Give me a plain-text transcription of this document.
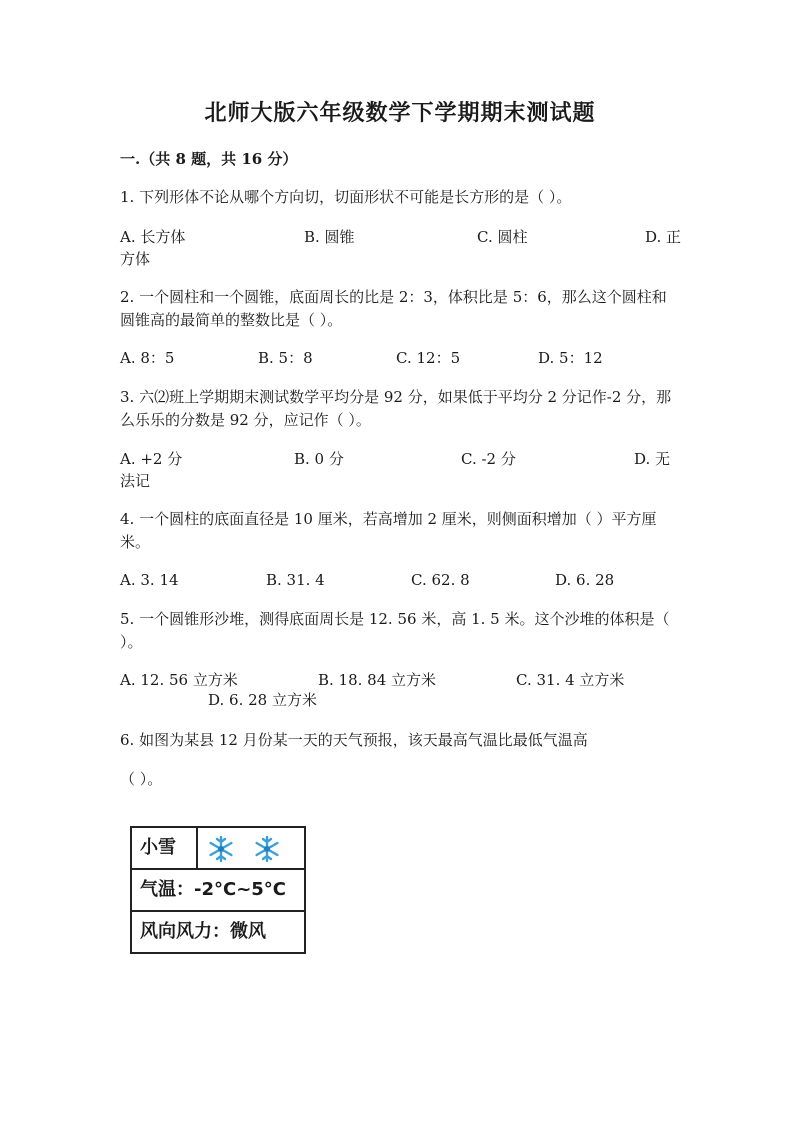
北师大版六年级数学下学期期末测试题
一.（共 8 题，共 16 分）
1. 下列形体不论从哪个方向切，切面形状不可能是长方形的是（ ）。
A. 长方体	B. 圆锥	C. 圆柱	D. 正
方体
2. 一个圆柱和一个圆锥，底面周长的比是 2：3，体积比是 5：6，那么这个圆柱和圆锥高的最简单的整数比是（ ）。
A. 8：5	B. 5：8	C. 12：5	D. 5：12
3. 六⑵班上学期期末测试数学平均分是 92 分，如果低于平均分 2 分记作-2 分，那么乐乐的分数是 92 分，应记作（ ）。
A. +2 分	B. 0 分	C. -2 分	D. 无
法记
4. 一个圆柱的底面直径是 10 厘米，若高增加 2 厘米，则侧面积增加（ ）平方厘米。
A. 3. 14	B. 31. 4	C. 62. 8	D. 6. 28
5. 一个圆锥形沙堆，测得底面周长是 12. 56 米，高 1. 5 米。这个沙堆的体积是（ ）。
A. 12. 56 立方米	B. 18. 84 立方米	C. 31. 4 立方米
D. 6. 28 立方米
6. 如图为某县 12 月份某一天的天气预报，该天最高气温比最低气温高
（ ）。
小雪
气温：-2°C~5°C
风向风力：微风
